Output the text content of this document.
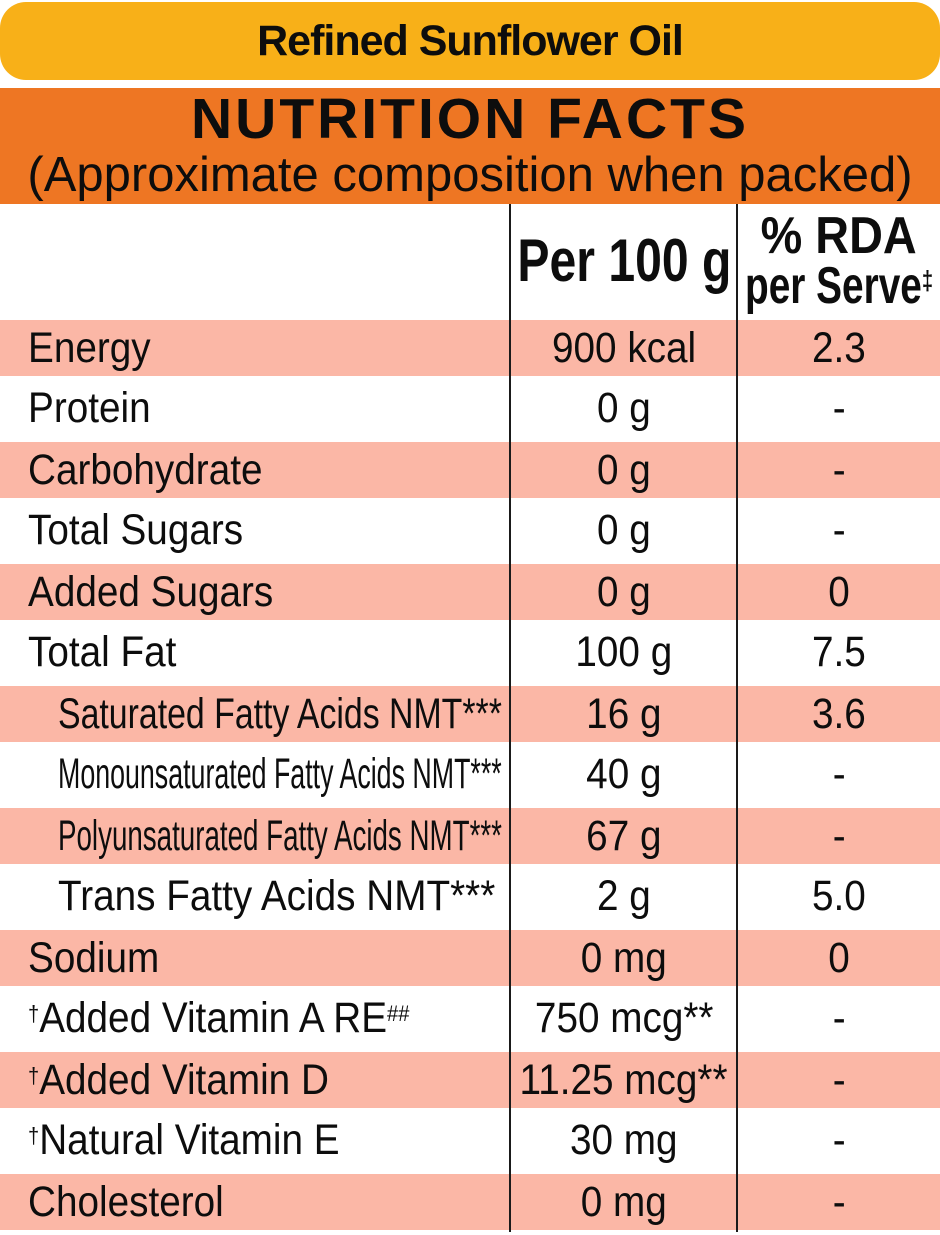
Refined Sunflower Oil
NUTRITION FACTS
(Approximate composition when packed)
Per 100 g % RDA
per Serve‡
Energy	900 kcal	2.3
Protein	0 g	-
Carbohydrate	0 g	-
Total Sugars	0 g	-
Added Sugars	0 g	0
Total Fat	100 g	7.5
Saturated Fatty Acids NMT*** 16 g	3.6
Monounsaturated Fatty Acids NMT*** 40 g	-
Polyunsaturated Fatty Acids NMT*** 67 g	-
Trans Fatty Acids NMT*** 2 g	5.0
Sodium	0 mg	0
†Added Vitamin A RE##	750 mcg**	-
†Added Vitamin D	11.25 mcg** -
†Natural Vitamin E	30 mg	-
Cholesterol	0 mg	-
